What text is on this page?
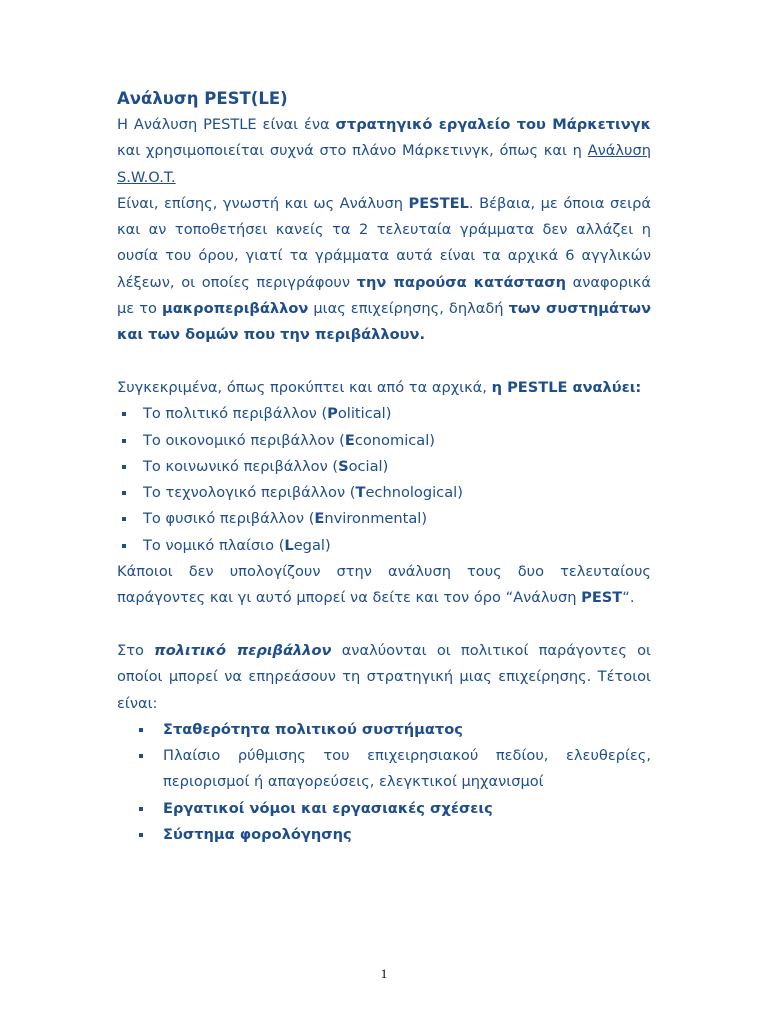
Ανάλυση PEST(LE)

Η Ανάλυση PESTLE είναι ένα στρατηγικό εργαλείο του Μάρκετινγκ και χρησιμοποιείται συχνά στο πλάνο Μάρκετινγκ, όπως και η Ανάλυση S.W.O.T.

Είναι, επίσης, γνωστή και ως Ανάλυση PESTEL. Βέβαια, με όποια σειρά και αν τοποθετήσει κανείς τα 2 τελευταία γράμματα δεν αλλάζει η ουσία του όρου, γιατί τα γράμματα αυτά είναι τα αρχικά 6 αγγλικών λέξεων, οι οποίες περιγράφουν την παρούσα κατάσταση αναφορικά με το μακροπεριβάλλον μιας επιχείρησης, δηλαδή των συστημάτων και των δομών που την περιβάλλουν.

Συγκεκριμένα, όπως προκύπτει και από τα αρχικά, η PESTLE αναλύει:

Το πολιτικό περιβάλλον (Political)
Το οικονομικό περιβάλλον (Economical)
Το κοινωνικό περιβάλλον (Social)
Το τεχνολογικό περιβάλλον (Technological)
Το φυσικό περιβάλλον (Environmental)
Το νομικό πλαίσιο (Legal)

Κάποιοι δεν υπολογίζουν στην ανάλυση τους δυο τελευταίους παράγοντες και γι αυτό μπορεί να δείτε και τον όρο “Ανάλυση PEST“.

Στο πολιτικό περιβάλλον αναλύονται οι πολιτικοί παράγοντες οι οποίοι μπορεί να επηρεάσουν τη στρατηγική μιας επιχείρησης. Τέτοιοι είναι:

Σταθερότητα πολιτικού συστήματος
Πλαίσιο ρύθμισης του επιχειρησιακού πεδίου, ελευθερίες, περιορισμοί ή απαγορεύσεις, ελεγκτικοί μηχανισμοί
Εργατικοί νόμοι και εργασιακές σχέσεις
Σύστημα φορολόγησης
1
